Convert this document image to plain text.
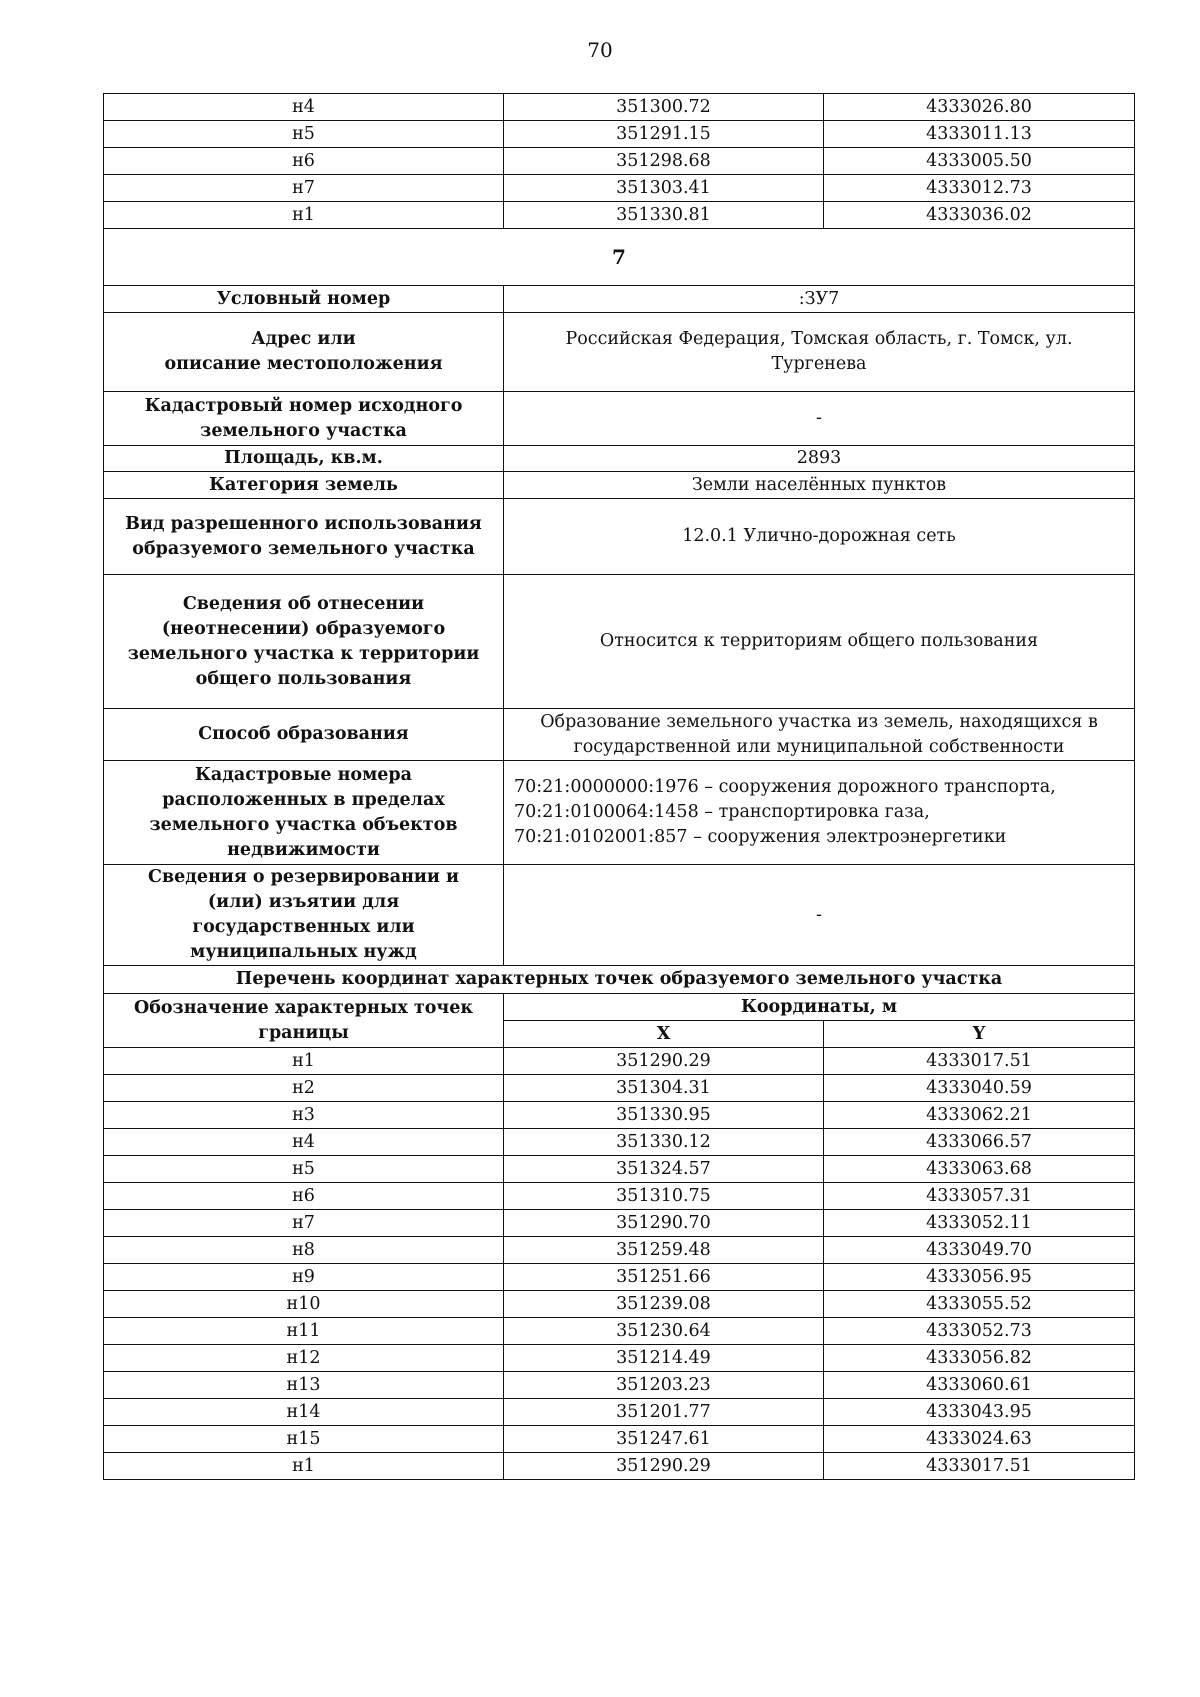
70
н4	351300.72	4333026.80
н5	351291.15	4333011.13
н6	351298.68	4333005.50
н7	351303.41	4333012.73
н1	351330.81	4333036.02
7		
Условный номер	:ЗУ7	

Адрес или
описание местоположения	Российская Федерация, Томская область, г. Томск, ул. Тургенева	
Кадастровый номер исходного земельного участка	-	
Площадь, кв.м.	2893	
Категория земель	Земли населённых пунктов	
Вид разрешенного использования образуемого земельного участка	12.0.1 Улично-дорожная сеть	
Сведения об отнесении (неотнесении) образуемого земельного участка к территории общего пользования	Относится к территориям общего пользования	
Способ образования	Образование земельного участка из земель, находящихся в государственной или муниципальной собственности	
Кадастровые номера расположенных в пределах земельного участка объектов недвижимости	70:21:0000000:1976 – сооружения дорожного транспорта,
70:21:0100064:1458 – транспортировка газа,
70:21:0102001:857 – сооружения электроэнергетики	

Сведения о резервировании и (или) изъятии для государственных или муниципальных нужд	-	
Перечень координат характерных точек образуемого земельного участка		
Обозначение характерных точек границы	Координаты, м	
	X	Y
н1	351290.29	4333017.51
н2	351304.31	4333040.59
н3	351330.95	4333062.21
н4	351330.12	4333066.57
н5	351324.57	4333063.68
н6	351310.75	4333057.31
н7	351290.70	4333052.11
н8	351259.48	4333049.70
н9	351251.66	4333056.95
н10	351239.08	4333055.52
н11	351230.64	4333052.73
н12	351214.49	4333056.82
н13	351203.23	4333060.61
н14	351201.77	4333043.95
н15	351247.61	4333024.63
н1	351290.29	4333017.51
